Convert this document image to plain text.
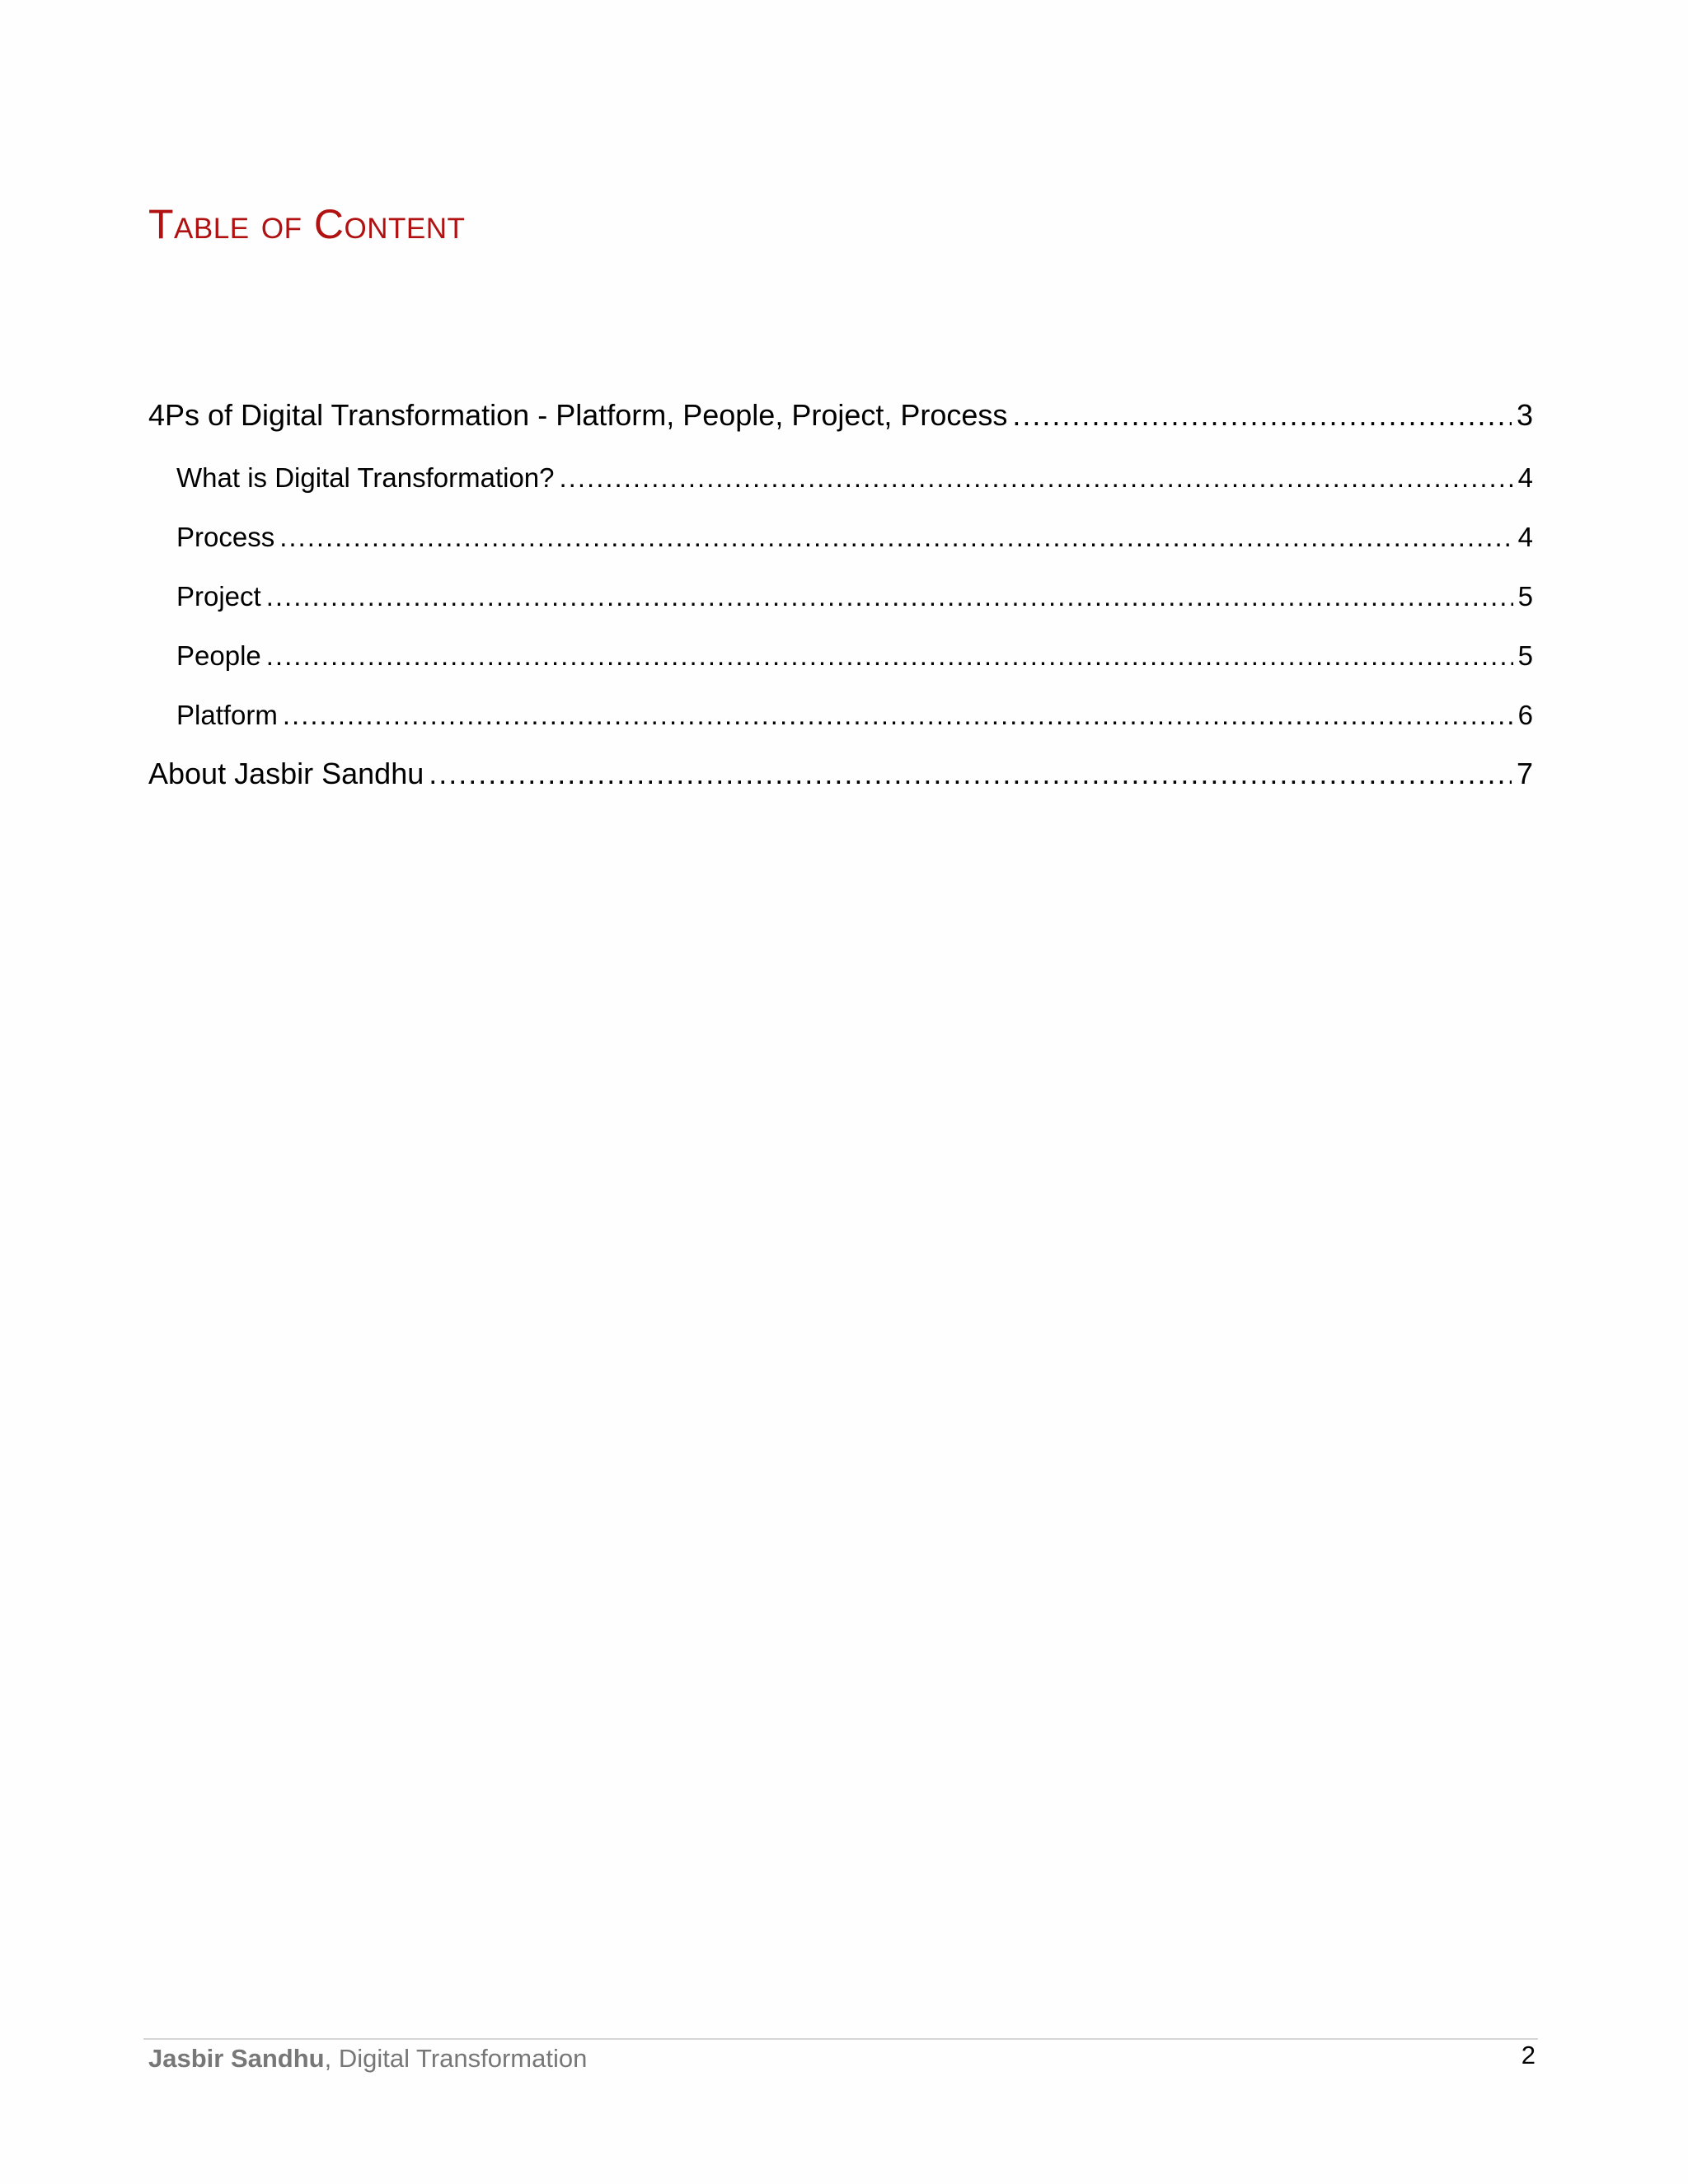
Table of Content
4Ps of Digital Transformation - Platform, People, Project, Process .....	3
What is Digital Transformation? .....	4
Process .....	4
Project .....	5
People .....	5
Platform .....	6
About Jasbir Sandhu .....	7
Jasbir Sandhu, Digital Transformation	2
